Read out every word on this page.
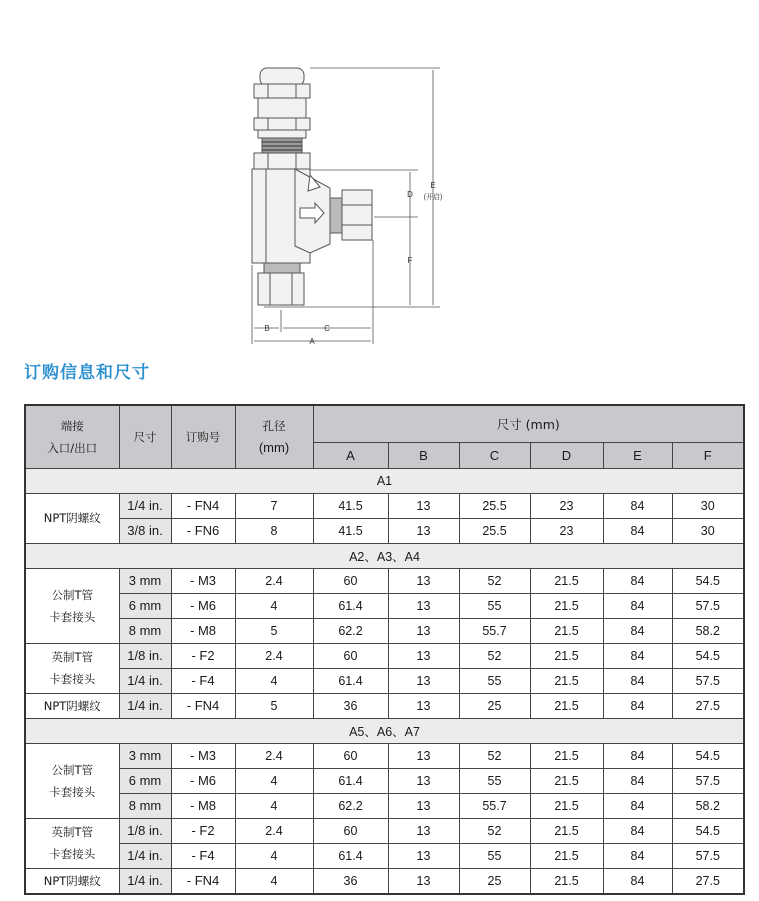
D
F
E
(开启)
B	C
A
订购信息和尺寸
端接
入口/出口	尺寸	订购号	孔径
(mm)	尺寸 (mm)					
				A	B	C	D	E	F
A1									
NPT阴螺纹	1/4 in.	- FN4	7	41.5	13	25.5	23	84	30
	3/8 in.	- FN6	8	41.5	13	25.5	23	84	30
A2、A3、A4									

公制T管
卡套接头	3 mm	- M3	2.4	60	13	52	21.5	84	54.5
	6 mm	- M6	4	61.4	13	55	21.5	84	57.5
	8 mm	- M8	5	62.2	13	55.7	21.5	84	58.2

英制T管
卡套接头	1/8 in.	- F2	2.4	60	13	52	21.5	84	54.5
	1/4 in.	- F4	4	61.4	13	55	21.5	84	57.5
NPT阴螺纹	1/4 in.	- FN4	5	36	13	25	21.5	84	27.5
A5、A6、A7									

公制T管
卡套接头	3 mm	- M3	2.4	60	13	52	21.5	84	54.5
	6 mm	- M6	4	61.4	13	55	21.5	84	57.5
	8 mm	- M8	4	62.2	13	55.7	21.5	84	58.2

英制T管
卡套接头	1/8 in.	- F2	2.4	60	13	52	21.5	84	54.5
	1/4 in.	- F4	4	61.4	13	55	21.5	84	57.5
NPT阴螺纹	1/4 in.	- FN4	4	36	13	25	21.5	84	27.5
